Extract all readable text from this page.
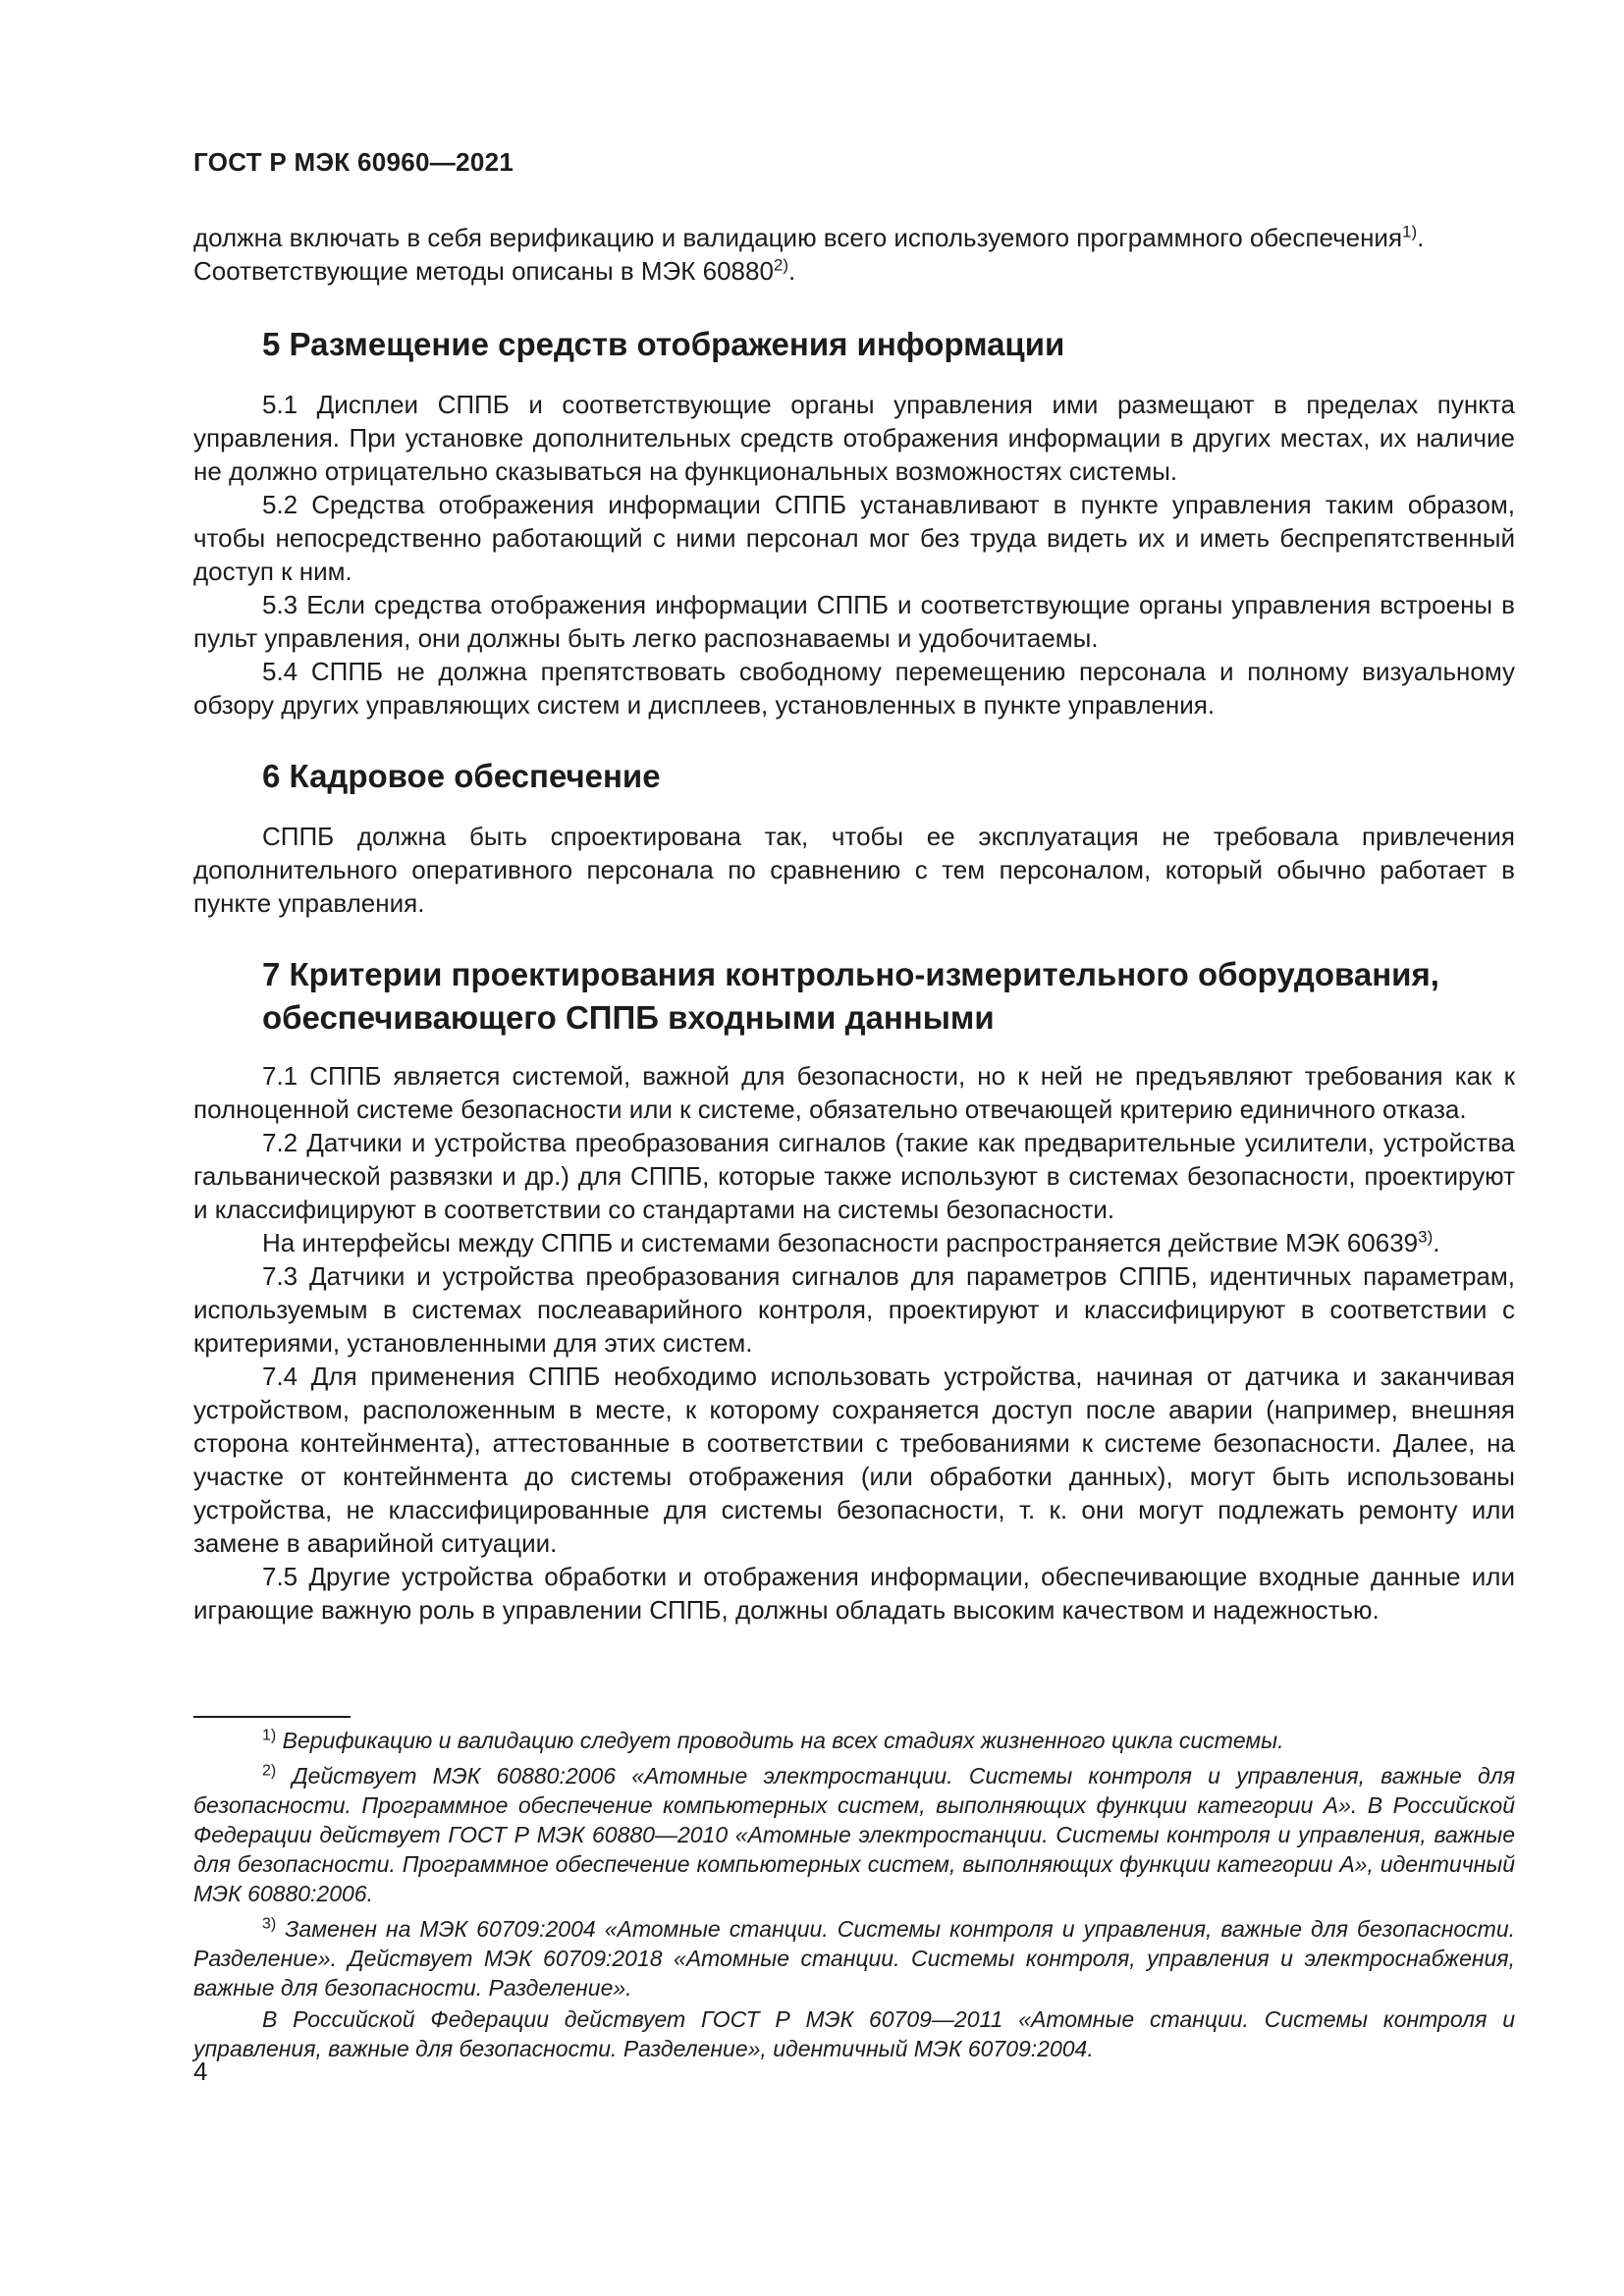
ГОСТ Р МЭК 60960—2021

должна включать в себя верификацию и валидацию всего используемого программного обеспечения$^{1)}$.

Соответствующие методы описаны в МЭК 60880$^{2)}$.

5 Размещение средств отображения информации

5.1 Дисплеи СППБ и соответствующие органы управления ими размещают в пределах пункта управления. При установке дополнительных средств отображения информации в других местах, их наличие не должно отрицательно сказываться на функциональных возможностях системы.

5.2 Средства отображения информации СППБ устанавливают в пункте управления таким образом, чтобы непосредственно работающий с ними персонал мог без труда видеть их и иметь беспрепятственный доступ к ним.

5.3 Если средства отображения информации СППБ и соответствующие органы управления встроены в пульт управления, они должны быть легко распознаваемы и удобочитаемы.

5.4 СППБ не должна препятствовать свободному перемещению персонала и полному визуальному обзору других управляющих систем и дисплеев, установленных в пункте управления.

6 Кадровое обеспечение

СППБ должна быть спроектирована так, чтобы ее эксплуатация не требовала привлечения дополнительного оперативного персонала по сравнению с тем персоналом, который обычно работает в пункте управления.

7 Критерии проектирования контрольно-измерительного оборудования,
обеспечивающего СППБ входными данными

7.1 СППБ является системой, важной для безопасности, но к ней не предъявляют требования как к полноценной системе безопасности или к системе, обязательно отвечающей критерию единичного отказа.

7.2 Датчики и устройства преобразования сигналов (такие как предварительные усилители, устройства гальванической развязки и др.) для СППБ, которые также используют в системах безопасности, проектируют и классифицируют в соответствии со стандартами на системы безопасности.

На интерфейсы между СППБ и системами безопасности распространяется действие МЭК 60639$^{3)}$.

7.3 Датчики и устройства преобразования сигналов для параметров СППБ, идентичных параметрам, используемым в системах послеаварийного контроля, проектируют и классифицируют в соответствии с критериями, установленными для этих систем.

7.4 Для применения СППБ необходимо использовать устройства, начиная от датчика и заканчивая устройством, расположенным в месте, к которому сохраняется доступ после аварии (например, внешняя сторона контейнмента), аттестованные в соответствии с требованиями к системе безопасности. Далее, на участке от контейнмента до системы отображения (или обработки данных), могут быть использованы устройства, не классифицированные для системы безопасности, т. к. они могут подлежать ремонту или замене в аварийной ситуации.

7.5 Другие устройства обработки и отображения информации, обеспечивающие входные данные или играющие важную роль в управлении СППБ, должны обладать высоким качеством и надежностью.

$^{1)}$ Верификацию и валидацию следует проводить на всех стадиях жизненного цикла системы.

$^{2)}$ Действует МЭК 60880:2006 «Атомные электростанции. Системы контроля и управления, важные для безопасности. Программное обеспечение компьютерных систем, выполняющих функции категории А». В Российской Федерации действует ГОСТ Р МЭК 60880—2010 «Атомные электростанции. Системы контроля и управления, важные для безопасности. Программное обеспечение компьютерных систем, выполняющих функции категории А», идентичный МЭК 60880:2006.

$^{3)}$ Заменен на МЭК 60709:2004 «Атомные станции. Системы контроля и управления, важные для безопасности. Разделение». Действует МЭК 60709:2018 «Атомные станции. Системы контроля, управления и электроснабжения, важные для безопасности. Разделение».

В Российской Федерации действует ГОСТ Р МЭК 60709—2011 «Атомные станции. Системы контроля и управления, важные для безопасности. Разделение», идентичный МЭК 60709:2004.

4
